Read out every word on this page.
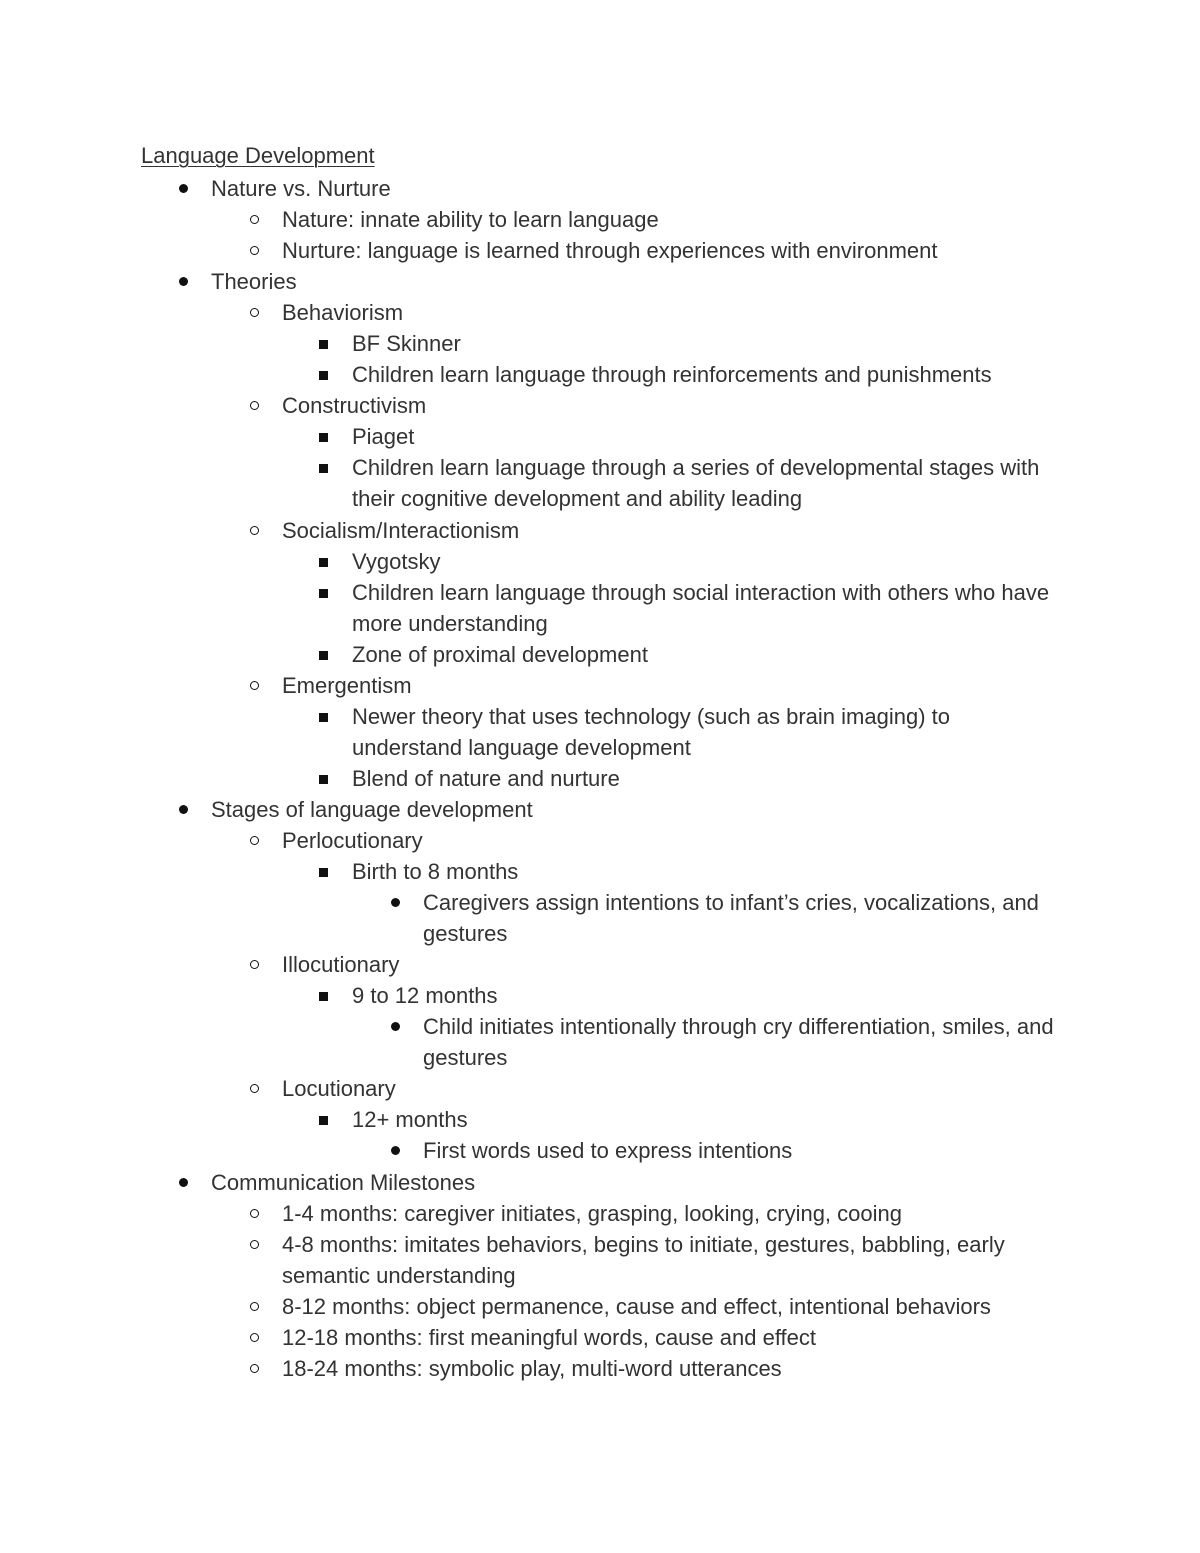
Language Development
Nature vs. Nurture
Nature: innate ability to learn language
Nurture: language is learned through experiences with environment
Theories
Behaviorism
BF Skinner
Children learn language through reinforcements and punishments
Constructivism
Piaget
Children learn language through a series of developmental stages with their cognitive development and ability leading
Socialism/Interactionism
Vygotsky
Children learn language through social interaction with others who have more understanding
Zone of proximal development
Emergentism
Newer theory that uses technology (such as brain imaging) to understand language development
Blend of nature and nurture
Stages of language development
Perlocutionary
Birth to 8 months
Caregivers assign intentions to infant’s cries, vocalizations, and gestures
Illocutionary
9 to 12 months
Child initiates intentionally through cry differentiation, smiles, and gestures
Locutionary
12+ months
First words used to express intentions
Communication Milestones
1-4 months: caregiver initiates, grasping, looking, crying, cooing
4-8 months: imitates behaviors, begins to initiate, gestures, babbling, early semantic understanding
8-12 months: object permanence, cause and effect, intentional behaviors
12-18 months: first meaningful words, cause and effect
18-24 months: symbolic play, multi-word utterances
